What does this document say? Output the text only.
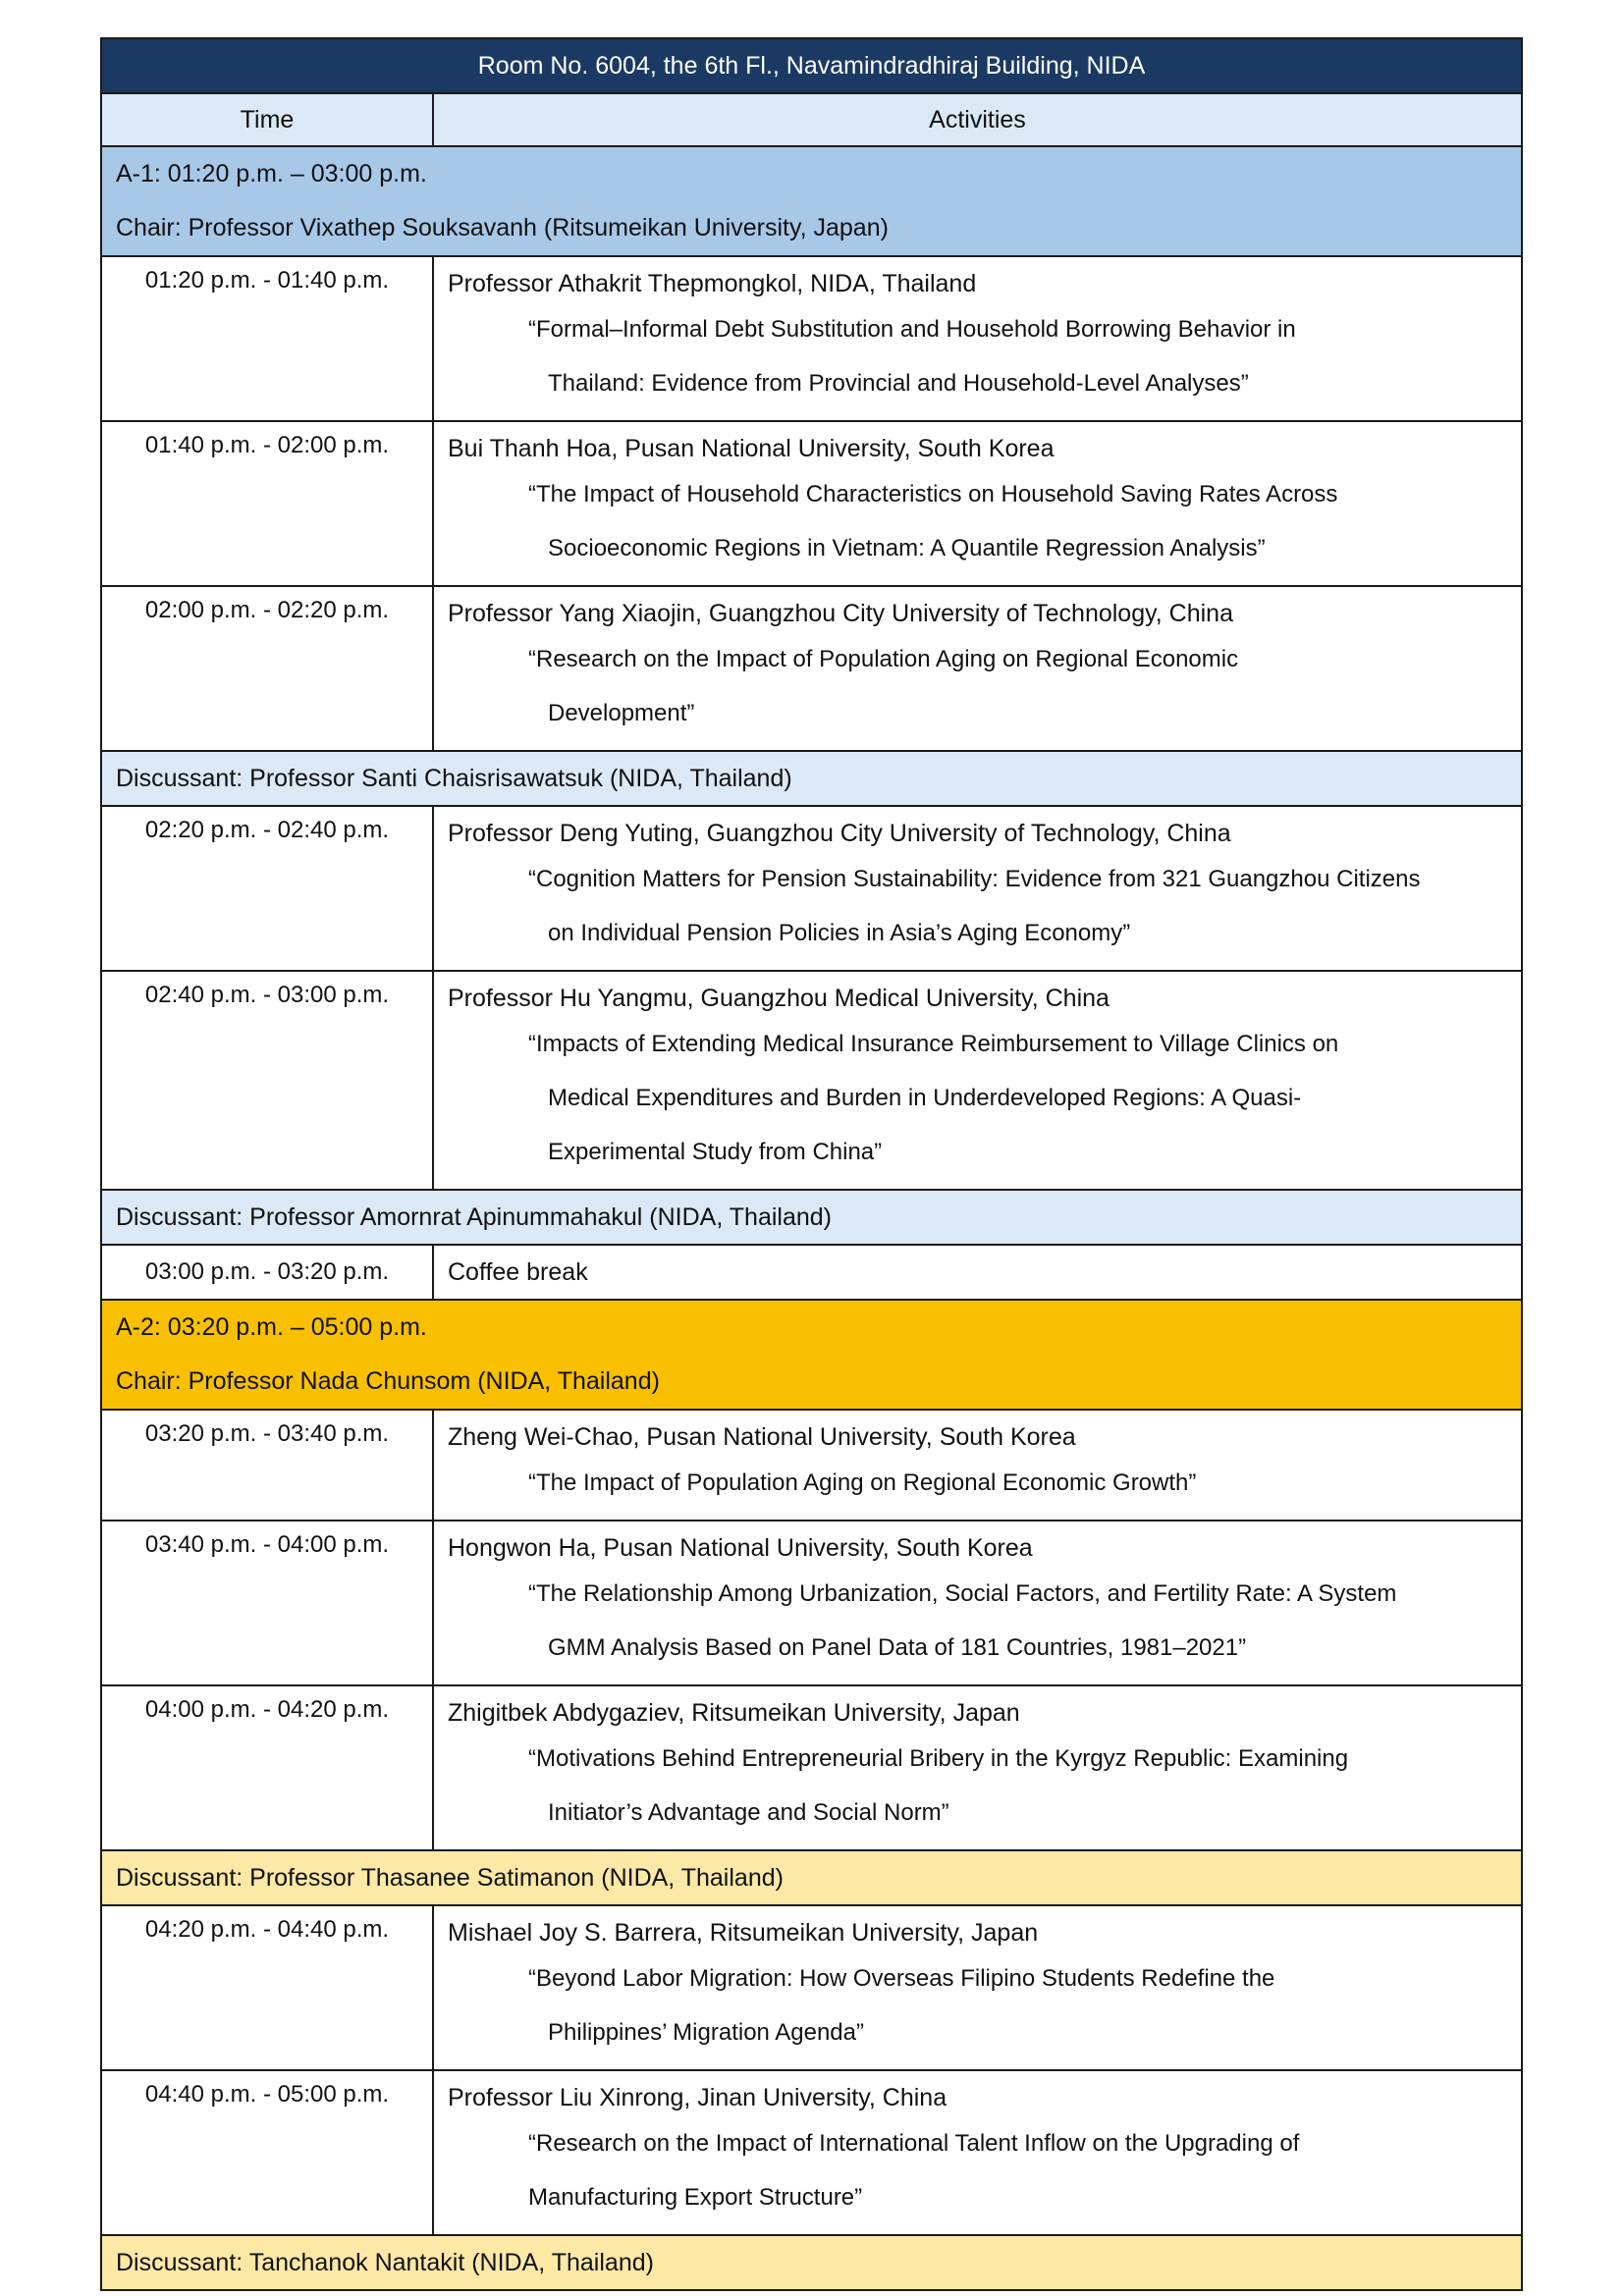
Room No. 6004, the 6th Fl., Navamindradhiraj Building, NIDA	
Time	Activities

A-1: 01:20 p.m. – 03:00 p.m.
Chair: Professor Vixathep Souksavanh (Ritsumeikan University, Japan)	

01:20 p.m. - 01:40 p.m.	Professor Athakrit Thepmongkol, NIDA, Thailand
“Formal–Informal Debt Substitution and Household Borrowing Behavior in
Thailand: Evidence from Provincial and Household-Level Analyses”

01:40 p.m. - 02:00 p.m.	Bui Thanh Hoa, Pusan National University, South Korea
“The Impact of Household Characteristics on Household Saving Rates Across
Socioeconomic Regions in Vietnam: A Quantile Regression Analysis”

02:00 p.m. - 02:20 p.m.	Professor Yang Xiaojin, Guangzhou City University of Technology, China
“Research on the Impact of Population Aging on Regional Economic
Development”

Discussant: Professor Santi Chaisrisawatsuk (NIDA, Thailand)	
02:20 p.m. - 02:40 p.m.	Professor Deng Yuting, Guangzhou City University of Technology, China
“Cognition Matters for Pension Sustainability: Evidence from 321 Guangzhou Citizens
on Individual Pension Policies in Asia’s Aging Economy”

02:40 p.m. - 03:00 p.m.	Professor Hu Yangmu, Guangzhou Medical University, China
“Impacts of Extending Medical Insurance Reimbursement to Village Clinics on
Medical Expenditures and Burden in Underdeveloped Regions: A Quasi-
Experimental Study from China”

Discussant: Professor Amornrat Apinummahakul (NIDA, Thailand)	
03:00 p.m. - 03:20 p.m.	Coffee break

A-2: 03:20 p.m. – 05:00 p.m.
Chair: Professor Nada Chunsom (NIDA, Thailand)	

03:20 p.m. - 03:40 p.m.	Zheng Wei-Chao, Pusan National University, South Korea
“The Impact of Population Aging on Regional Economic Growth”

03:40 p.m. - 04:00 p.m.	Hongwon Ha, Pusan National University, South Korea
“The Relationship Among Urbanization, Social Factors, and Fertility Rate: A System
GMM Analysis Based on Panel Data of 181 Countries, 1981–2021”

04:00 p.m. - 04:20 p.m.	Zhigitbek Abdygaziev, Ritsumeikan University, Japan
“Motivations Behind Entrepreneurial Bribery in the Kyrgyz Republic: Examining
Initiator’s Advantage and Social Norm”

Discussant: Professor Thasanee Satimanon (NIDA, Thailand)	
04:20 p.m. - 04:40 p.m.	Mishael Joy S. Barrera, Ritsumeikan University, Japan
“Beyond Labor Migration: How Overseas Filipino Students Redefine the
Philippines’ Migration Agenda”

04:40 p.m. - 05:00 p.m.	Professor Liu Xinrong, Jinan University, China
“Research on the Impact of International Talent Inflow on the Upgrading of
Manufacturing Export Structure”

Discussant: Tanchanok Nantakit (NIDA, Thailand)	
